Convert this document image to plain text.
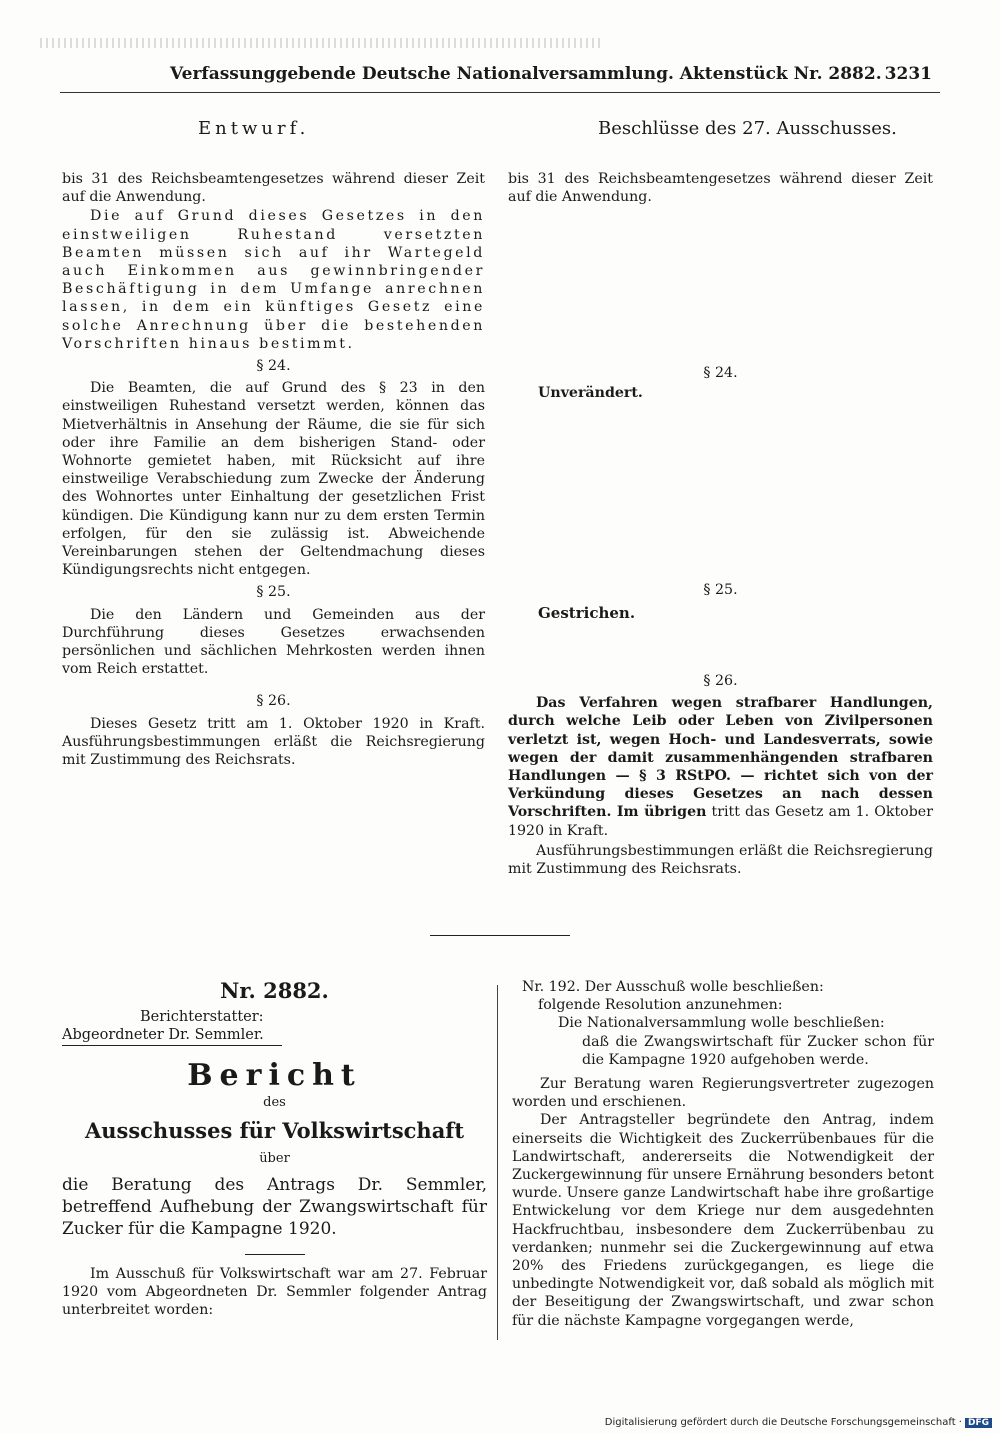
Verfassunggebende Deutsche Nationalversammlung. Aktenstück Nr. 2882. 3231
Entwurf.

bis 31 des Reichsbeamtengesetzes während dieser Zeit auf die Anwendung.

Die auf Grund dieses Gesetzes in den einstweiligen Ruhestand versetzten Beamten müssen sich auf ihr Wartegeld auch Einkommen aus gewinnbringender Beschäftigung in dem Umfange anrechnen lassen, in dem ein künftiges Gesetz eine solche Anrechnung über die bestehenden Vorschriften hinaus bestimmt.

§ 24.

Die Beamten, die auf Grund des § 23 in den einstweiligen Ruhestand versetzt werden, können das Mietverhältnis in Ansehung der Räume, die sie für sich oder ihre Familie an dem bisherigen Stand- oder Wohnorte gemietet haben, mit Rücksicht auf ihre einstweilige Verabschiedung zum Zwecke der Änderung des Wohnortes unter Einhaltung der gesetzlichen Frist kündigen. Die Kündigung kann nur zu dem ersten Termin erfolgen, für den sie zulässig ist. Abweichende Vereinbarungen stehen der Geltendmachung dieses Kündigungsrechts nicht entgegen.

§ 25.

Die den Ländern und Gemeinden aus der Durchführung dieses Gesetzes erwachsenden persönlichen und sächlichen Mehrkosten werden ihnen vom Reich erstattet.

§ 26.

Dieses Gesetz tritt am 1. Oktober 1920 in Kraft. Ausführungsbestimmungen erläßt die Reichsregierung mit Zustimmung des Reichsrats.

Beschlüsse des 27. Ausschusses.

bis 31 des Reichsbeamtengesetzes während dieser Zeit auf die Anwendung.

§ 24.

Unverändert.

§ 25.

Gestrichen.

§ 26.

Das Verfahren wegen strafbarer Handlungen, durch welche Leib oder Leben von Zivilpersonen verletzt ist, wegen Hoch- und Landesverrats, sowie wegen der damit zusammenhängenden strafbaren Handlungen — § 3 RStPO. — richtet sich von der Verkündung dieses Gesetzes an nach dessen Vorschriften. Im übrigen tritt das Gesetz am 1. Oktober 1920 in Kraft.

Ausführungsbestimmungen erläßt die Reichsregierung mit Zustimmung des Reichsrats.

Nr. 2882.
Berichterstatter:
Abgeordneter Dr. Semmler.
Bericht
des
Ausschusses für Volkswirtschaft
über
die Beratung des Antrags Dr. Semmler, betreffend Aufhebung der Zwangswirtschaft für Zucker für die Kampagne 1920.
Im Ausschuß für Volkswirtschaft war am 27. Februar 1920 vom Abgeordneten Dr. Semmler folgender Antrag unterbreitet worden:

Nr. 192. Der Ausschuß wolle beschließen:

folgende Resolution anzunehmen:

Die Nationalversammlung wolle beschließen:

daß die Zwangswirtschaft für Zucker schon für die Kampagne 1920 aufgehoben werde.

Zur Beratung waren Regierungsvertreter zugezogen worden und erschienen.

Der Antragsteller begründete den Antrag, indem einerseits die Wichtigkeit des Zuckerrübenbaues für die Landwirtschaft, andererseits die Notwendigkeit der Zuckergewinnung für unsere Ernährung besonders betont wurde. Unsere ganze Landwirtschaft habe ihre großartige Entwickelung vor dem Kriege nur dem ausgedehnten Hackfruchtbau, insbesondere dem Zuckerrübenbau zu verdanken; nunmehr sei die Zuckergewinnung auf etwa 20% des Friedens zurückgegangen, es liege die unbedingte Notwendigkeit vor, daß sobald als möglich mit der Beseitigung der Zwangswirtschaft, und zwar schon für die nächste Kampagne vorgegangen werde,

Digitalisierung gefördert durch die Deutsche Forschungsgemeinschaft · DFG
